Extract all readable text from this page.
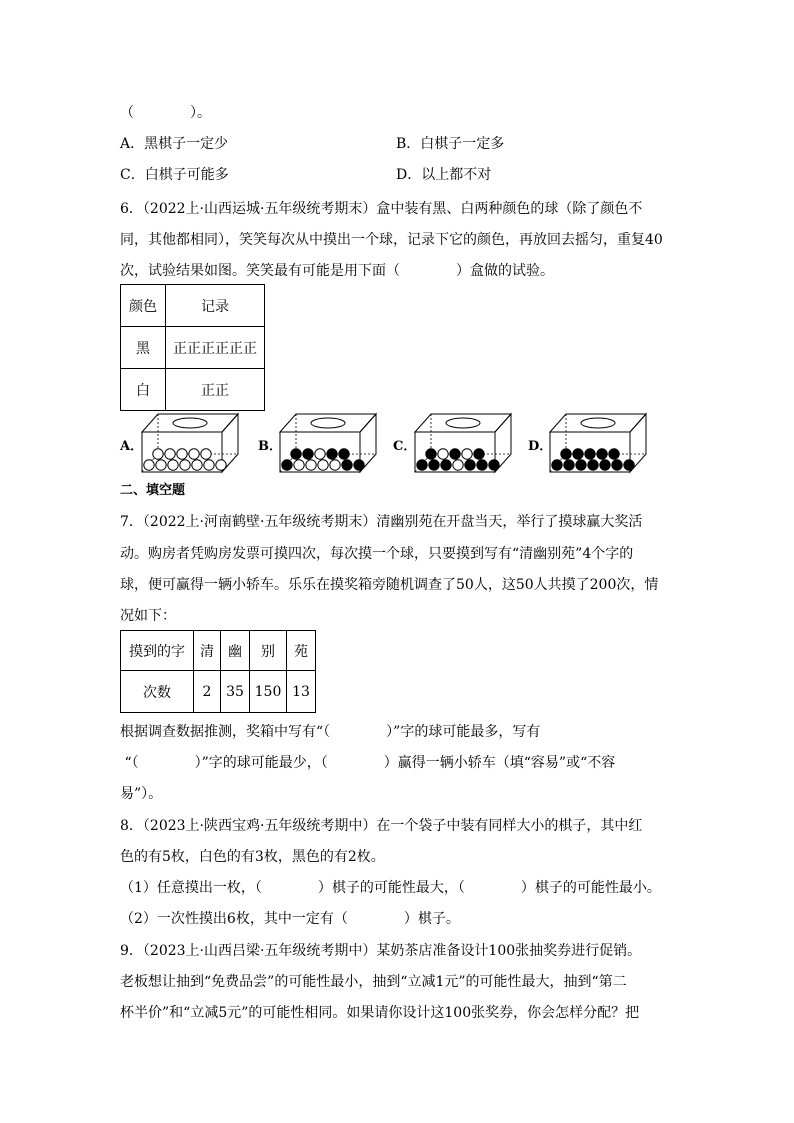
（　　　　）。
A．黑棋子一定少	B．白棋子一定多
C．白棋子可能多	D．以上都不对
6．（2022上·山西运城·五年级统考期末）盒中装有黑、白两种颜色的球（除了颜色不
同，其他都相同），笑笑每次从中摸出一个球，记录下它的颜色，再放回去摇匀，重复40
次，试验结果如图。笑笑最有可能是用下面（　　　　）盒做的试验。
颜色	记录
黑	正正正正正正
白	正正
A．	B．	C．	D．
二、填空题
7．（2022上·河南鹤壁·五年级统考期末）清幽别苑在开盘当天，举行了摸球赢大奖活
动。购房者凭购房发票可摸四次，每次摸一个球，只要摸到写有“清幽别苑”4个字的
球，便可赢得一辆小轿车。乐乐在摸奖箱旁随机调查了50人，这50人共摸了200次，情
况如下：
摸到的字	清	幽	别	苑
次数	2	35	150	13
根据调查数据推测，奖箱中写有“（　　　　）”字的球可能最多，写有
“（　　　　）”字的球可能最少，（　　　　）赢得一辆小轿车（填“容易”或“不容
易”）。
8．（2023上·陕西宝鸡·五年级统考期中）在一个袋子中装有同样大小的棋子，其中红
色的有5枚，白色的有3枚，黑色的有2枚。
（1）任意摸出一枚，（　　　　）棋子的可能性最大，（　　　　）棋子的可能性最小。
（2）一次性摸出6枚，其中一定有（　　　　）棋子。
9．（2023上·山西吕梁·五年级统考期中）某奶茶店准备设计100张抽奖券进行促销。
老板想让抽到“免费品尝”的可能性最小，抽到“立减1元”的可能性最大，抽到“第二
杯半价”和“立减5元”的可能性相同。如果请你设计这100张奖券，你会怎样分配？把
